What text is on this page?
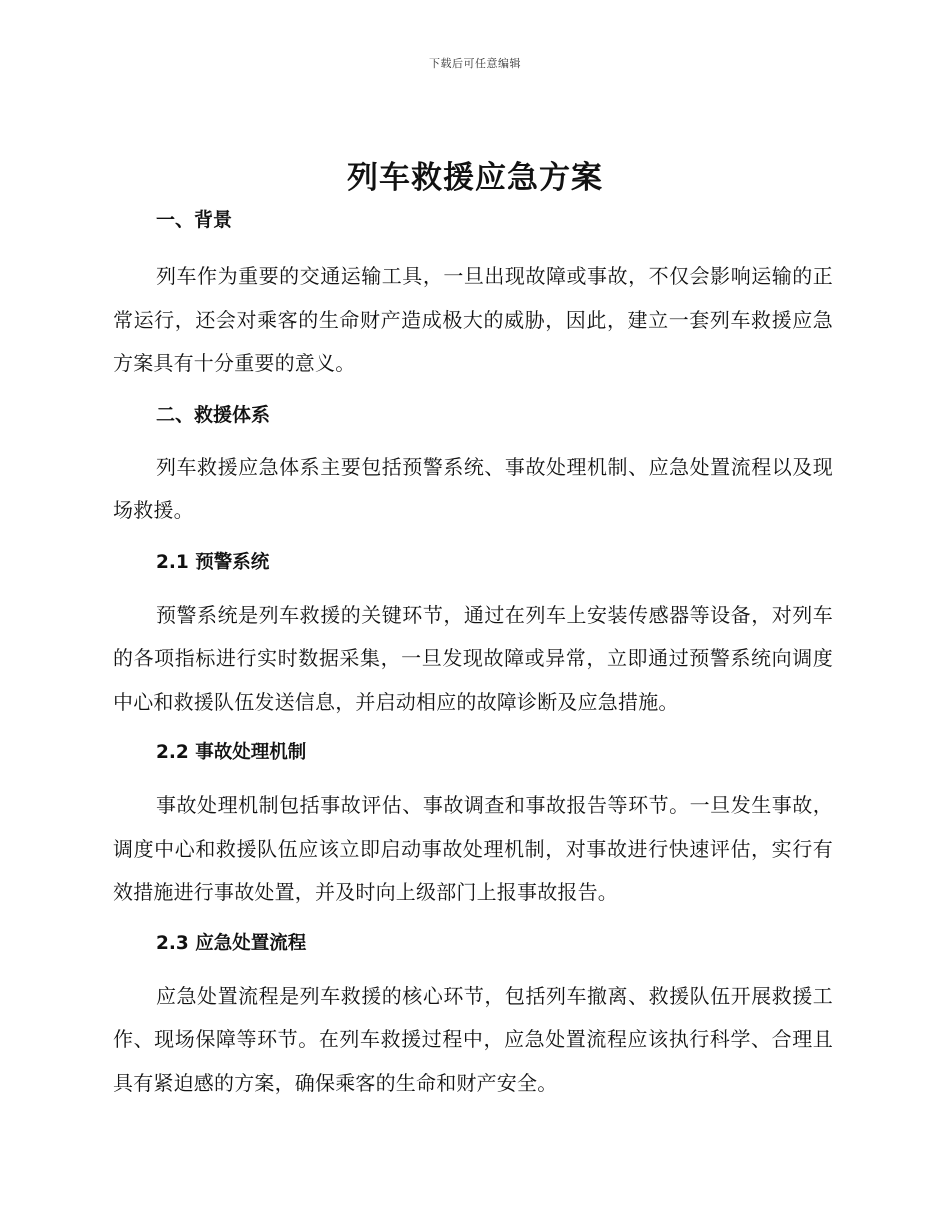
下载后可任意编辑
列车救援应急方案
一、背景

列车作为重要的交通运输工具，一旦出现故障或事故，不仅会影响运输的正常运行，还会对乘客的生命财产造成极大的威胁，因此，建立一套列车救援应急方案具有十分重要的意义。

二、救援体系

列车救援应急体系主要包括预警系统、事故处理机制、应急处置流程以及现场救援。

2.1 预警系统

预警系统是列车救援的关键环节，通过在列车上安装传感器等设备，对列车的各项指标进行实时数据采集，一旦发现故障或异常，立即通过预警系统向调度中心和救援队伍发送信息，并启动相应的故障诊断及应急措施。

2.2 事故处理机制

事故处理机制包括事故评估、事故调查和事故报告等环节。一旦发生事故，调度中心和救援队伍应该立即启动事故处理机制，对事故进行快速评估，实行有效措施进行事故处置，并及时向上级部门上报事故报告。

2.3 应急处置流程

应急处置流程是列车救援的核心环节，包括列车撤离、救援队伍开展救援工作、现场保障等环节。在列车救援过程中，应急处置流程应该执行科学、合理且具有紧迫感的方案，确保乘客的生命和财产安全。
